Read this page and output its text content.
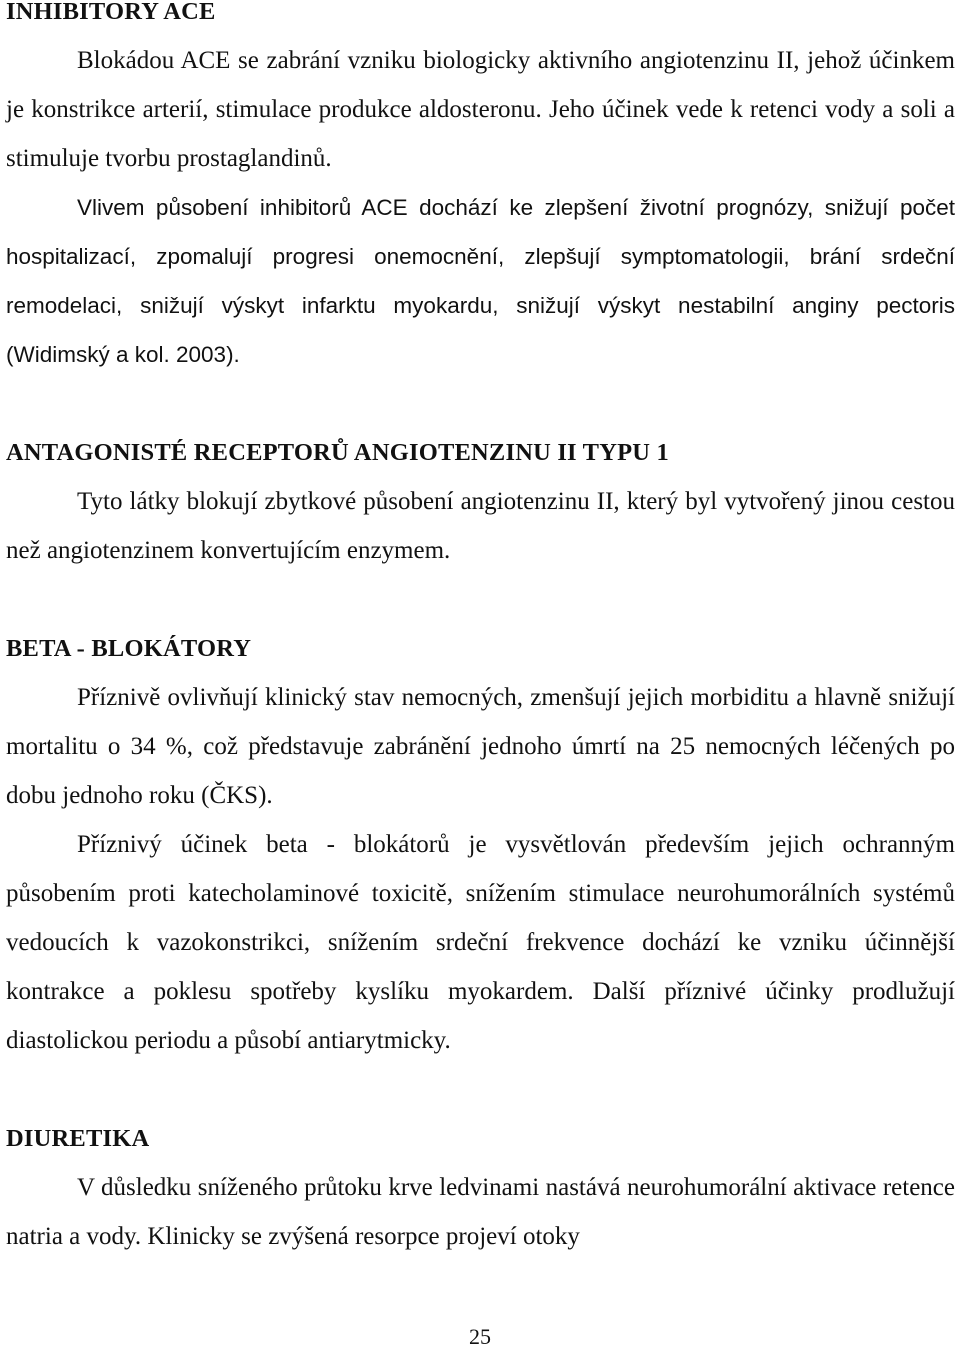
INHIBITORY ACE

Blokádou ACE se zabrání vzniku biologicky aktivního angiotenzinu II, jehož účinkem je konstrikce arterií, stimulace produkce aldosteronu. Jeho účinek vede k retenci vody a soli a stimuluje tvorbu prostaglandinů.

Vlivem působení inhibitorů ACE dochází ke zlepšení životní prognózy, snižují počet hospitalizací, zpomalují progresi onemocnění, zlepšují symptomatologii, brání srdeční remodelaci, snižují výskyt infarktu myokardu, snižují výskyt nestabilní anginy pectoris (Widimský a kol. 2003).

ANTAGONISTÉ RECEPTORŮ ANGIOTENZINU II TYPU 1

Tyto látky blokují zbytkové působení angiotenzinu II, který byl vytvořený jinou cestou než angiotenzinem konvertujícím enzymem.

BETA - BLOKÁTORY

Příznivě ovlivňují klinický stav nemocných, zmenšují jejich morbiditu a hlavně snižují mortalitu o 34 %, což představuje zabránění jednoho úmrtí na 25 nemocných léčených po dobu jednoho roku (ČKS).

Příznivý účinek beta - blokátorů je vysvětlován především jejich ochranným působením proti katecholaminové toxicitě, snížením stimulace neurohumorálních systémů vedoucích k vazokonstrikci, snížením srdeční frekvence dochází ke vzniku účinnější kontrakce a poklesu spotřeby kyslíku myokardem. Další příznivé účinky prodlužují diastolickou periodu a působí antiarytmicky.

DIURETIKA

V důsledku sníženého průtoku krve ledvinami nastává neurohumorální aktivace retence natria a vody. Klinicky se zvýšená resorpce projeví otoky

25
